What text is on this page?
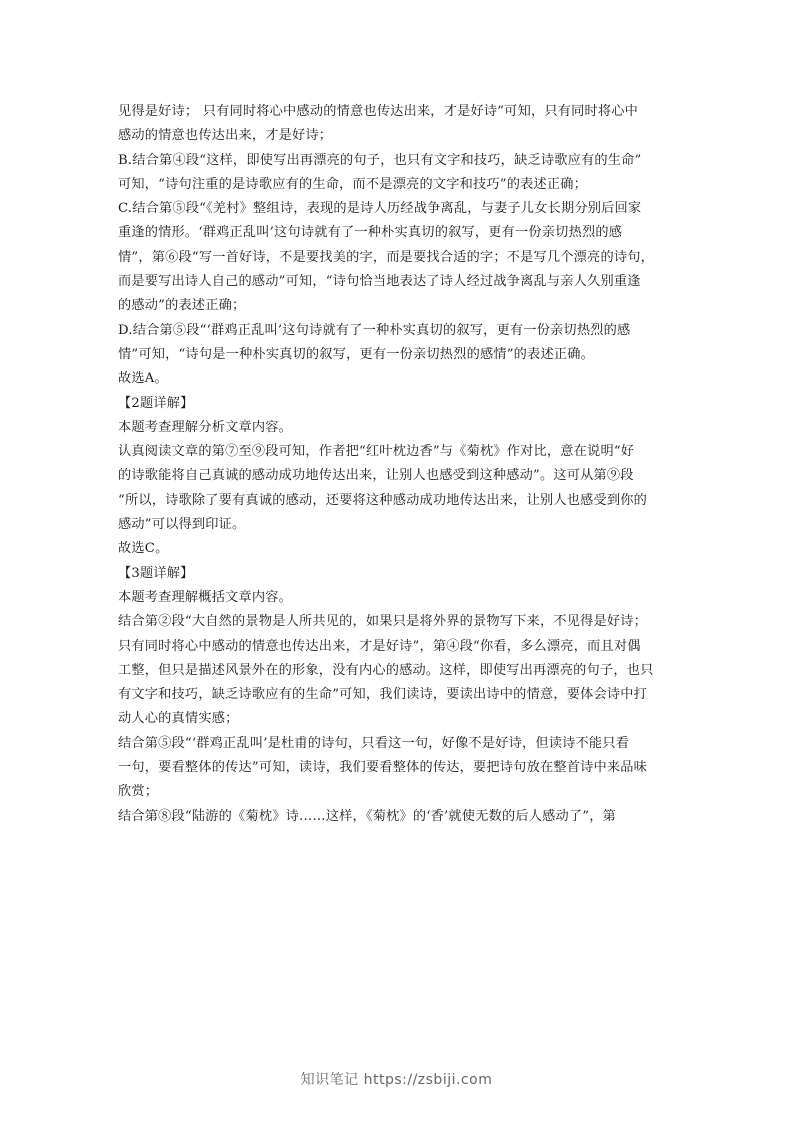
见得是好诗； 只有同时将心中感动的情意也传达出来，才是好诗”可知，只有同时将心中
感动的情意也传达出来，才是好诗；
B.结合第④段“这样，即使写出再漂亮的句子，也只有文字和技巧，缺乏诗歌应有的生命”
可知，“诗句注重的是诗歌应有的生命，而不是漂亮的文字和技巧”的表述正确；
C.结合第⑤段“《羌村》整组诗，表现的是诗人历经战争离乱，与妻子儿女长期分别后回家
重逢的情形。‘群鸡正乱叫’这句诗就有了一种朴实真切的叙写，更有一份亲切热烈的感
情”，第⑥段“写一首好诗，不是要找美的字，而是要找合适的字；不是写几个漂亮的诗句，
而是要写出诗人自己的感动”可知，“诗句恰当地表达了诗人经过战争离乱与亲人久别重逢
的感动”的表述正确；
D.结合第⑤段“‘群鸡正乱叫’这句诗就有了一种朴实真切的叙写，更有一份亲切热烈的感
情”可知，“诗句是一种朴实真切的叙写，更有一份亲切热烈的感情”的表述正确。
故选A。
【2题详解】
本题考查理解分析文章内容。
认真阅读文章的第⑦至⑨段可知，作者把“红叶枕边香”与《菊枕》作对比，意在说明“好
的诗歌能将自己真诚的感动成功地传达出来，让别人也感受到这种感动”。这可从第⑨段
“所以，诗歌除了要有真诚的感动，还要将这种感动成功地传达出来，让别人也感受到你的
感动”可以得到印证。
故选C。
【3题详解】
本题考查理解概括文章内容。
结合第②段“大自然的景物是人所共见的，如果只是将外界的景物写下来，不见得是好诗；
只有同时将心中感动的情意也传达出来，才是好诗”，第④段“你看，多么漂亮，而且对偶
工整，但只是描述风景外在的形象，没有内心的感动。这样，即使写出再漂亮的句子，也只
有文字和技巧，缺乏诗歌应有的生命”可知，我们读诗，要读出诗中的情意，要体会诗中打
动人心的真情实感；
结合第⑤段“‘群鸡正乱叫’是杜甫的诗句，只看这一句，好像不是好诗，但读诗不能只看
一句，要看整体的传达”可知，读诗，我们要看整体的传达，要把诗句放在整首诗中来品味
欣赏；
结合第⑧段“陆游的《菊枕》诗……这样，《菊枕》的‘香’就使无数的后人感动了”，第
知识笔记 https://zsbiji.com
